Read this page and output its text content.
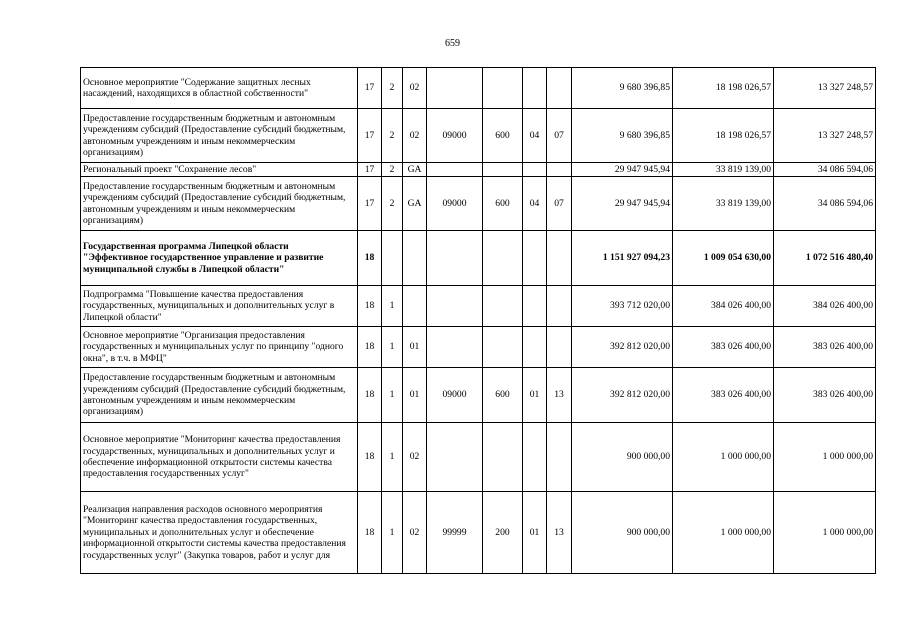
659
Основное мероприятие "Содержание защитных лесных насаждений, находящихся в областной собственности"	17	2	02					9 680 396,85	18 198 026,57	13 327 248,57
Предоставление государственным бюджетным и автономным учреждениям субсидий (Предоставление субсидий бюджетным, автономным учреждениям и иным некоммерческим организациям)	17	2	02	09000	600	04	07	9 680 396,85	18 198 026,57	13 327 248,57
Региональный проект "Сохранение лесов"	17	2	GA					29 947 945,94	33 819 139,00	34 086 594,06
Предоставление государственным бюджетным и автономным учреждениям субсидий (Предоставление субсидий бюджетным, автономным учреждениям и иным некоммерческим организациям)	17	2	GA	09000	600	04	07	29 947 945,94	33 819 139,00	34 086 594,06
Государственная программа Липецкой области "Эффективное государственное управление и развитие муниципальной службы в Липецкой области"	18							1 151 927 094,23	1 009 054 630,00	1 072 516 480,40
Подпрограмма "Повышение качества предоставления государственных, муниципальных и дополнительных услуг в Липецкой области"	18	1						393 712 020,00	384 026 400,00	384 026 400,00
Основное мероприятие "Организация предоставления государственных и муниципальных услуг по принципу "одного окна", в т.ч. в МФЦ"	18	1	01					392 812 020,00	383 026 400,00	383 026 400,00
Предоставление государственным бюджетным и автономным учреждениям субсидий (Предоставление субсидий бюджетным, автономным учреждениям и иным некоммерческим организациям)	18	1	01	09000	600	01	13	392 812 020,00	383 026 400,00	383 026 400,00
Основное мероприятие "Мониторинг качества предоставления государственных, муниципальных и дополнительных услуг и обеспечение информационной открытости системы качества предоставления государственных услуг"	18	1	02					900 000,00	1 000 000,00	1 000 000,00
Реализация направления расходов основного мероприятия "Мониторинг качества предоставления государственных, муниципальных и дополнительных услуг и обеспечение информационной открытости системы качества предоставления государственных услуг" (Закупка товаров, работ и услуг для	18	1	02	99999	200	01	13	900 000,00	1 000 000,00	1 000 000,00
